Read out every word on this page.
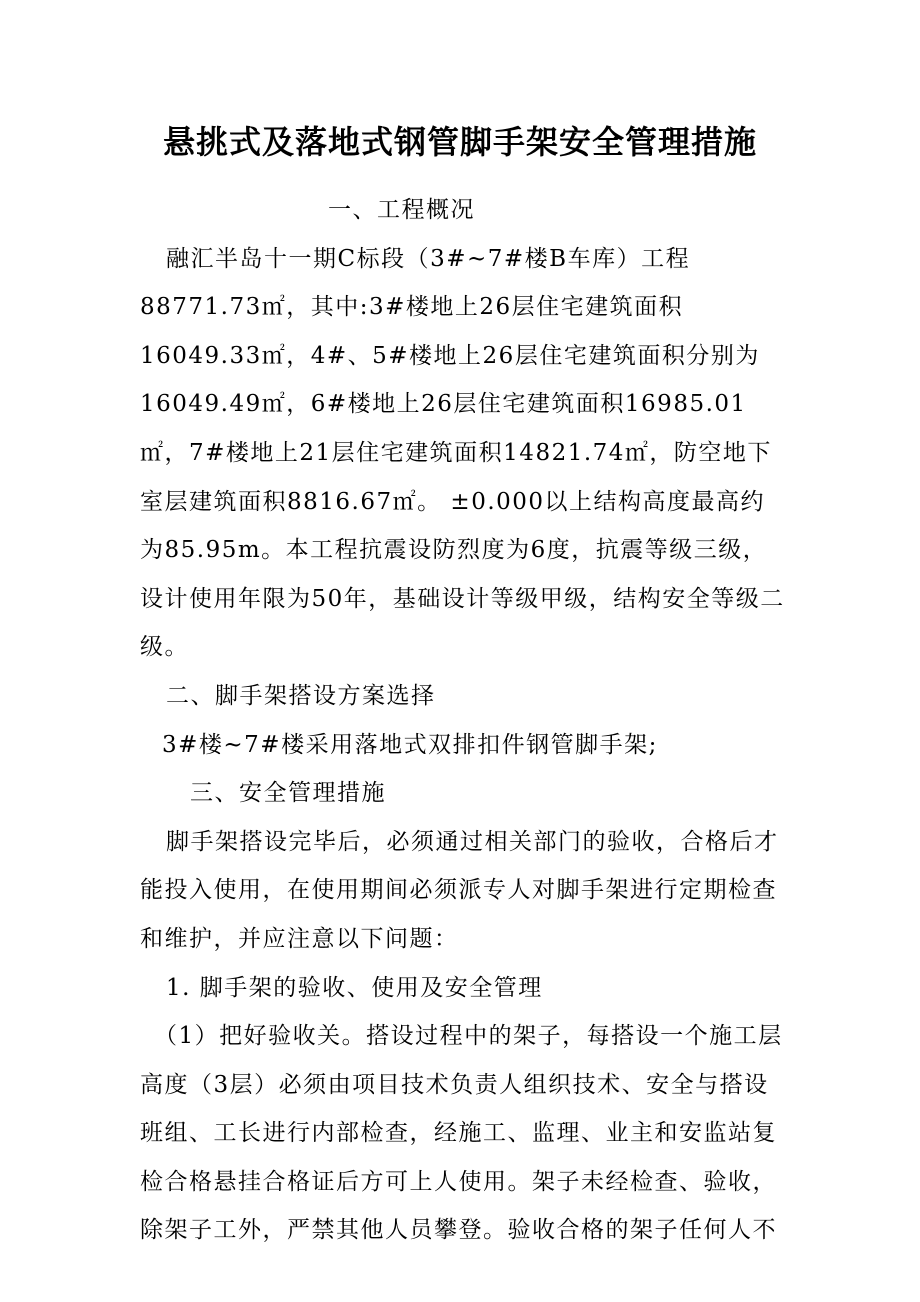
悬挑式及落地式钢管脚手架安全管理措施

一、工程概况

融汇半岛十一期C标段（3#~7#楼B车库）工程88771.73㎡，其中:3#楼地上26层住宅建筑面积16049.33㎡，4#、5#楼地上26层住宅建筑面积分别为16049.49㎡，6#楼地上26层住宅建筑面积16985.01㎡，7#楼地上21层住宅建筑面积14821.74㎡，防空地下室层建筑面积8816.67㎡。 ±0.000以上结构高度最高约为85.95m。本工程抗震设防烈度为6度，抗震等级三级，设计使用年限为50年，基础设计等级甲级，结构安全等级二级。

二、脚手架搭设方案选择

3#楼~7#楼采用落地式双排扣件钢管脚手架;

三、安全管理措施

脚手架搭设完毕后，必须通过相关部门的验收，合格后才能投入使用，在使用期间必须派专人对脚手架进行定期检查和维护，并应注意以下问题：

1. 脚手架的验收、使用及安全管理

（1）把好验收关。搭设过程中的架子，每搭设一个施工层高度（3层）必须由项目技术负责人组织技术、安全与搭设班组、工长进行内部检查，经施工、监理、业主和安监站复检合格悬挂合格证后方可上人使用。架子未经检查、验收，除架子工外，严禁其他人员攀登。验收合格的架子任何人不
